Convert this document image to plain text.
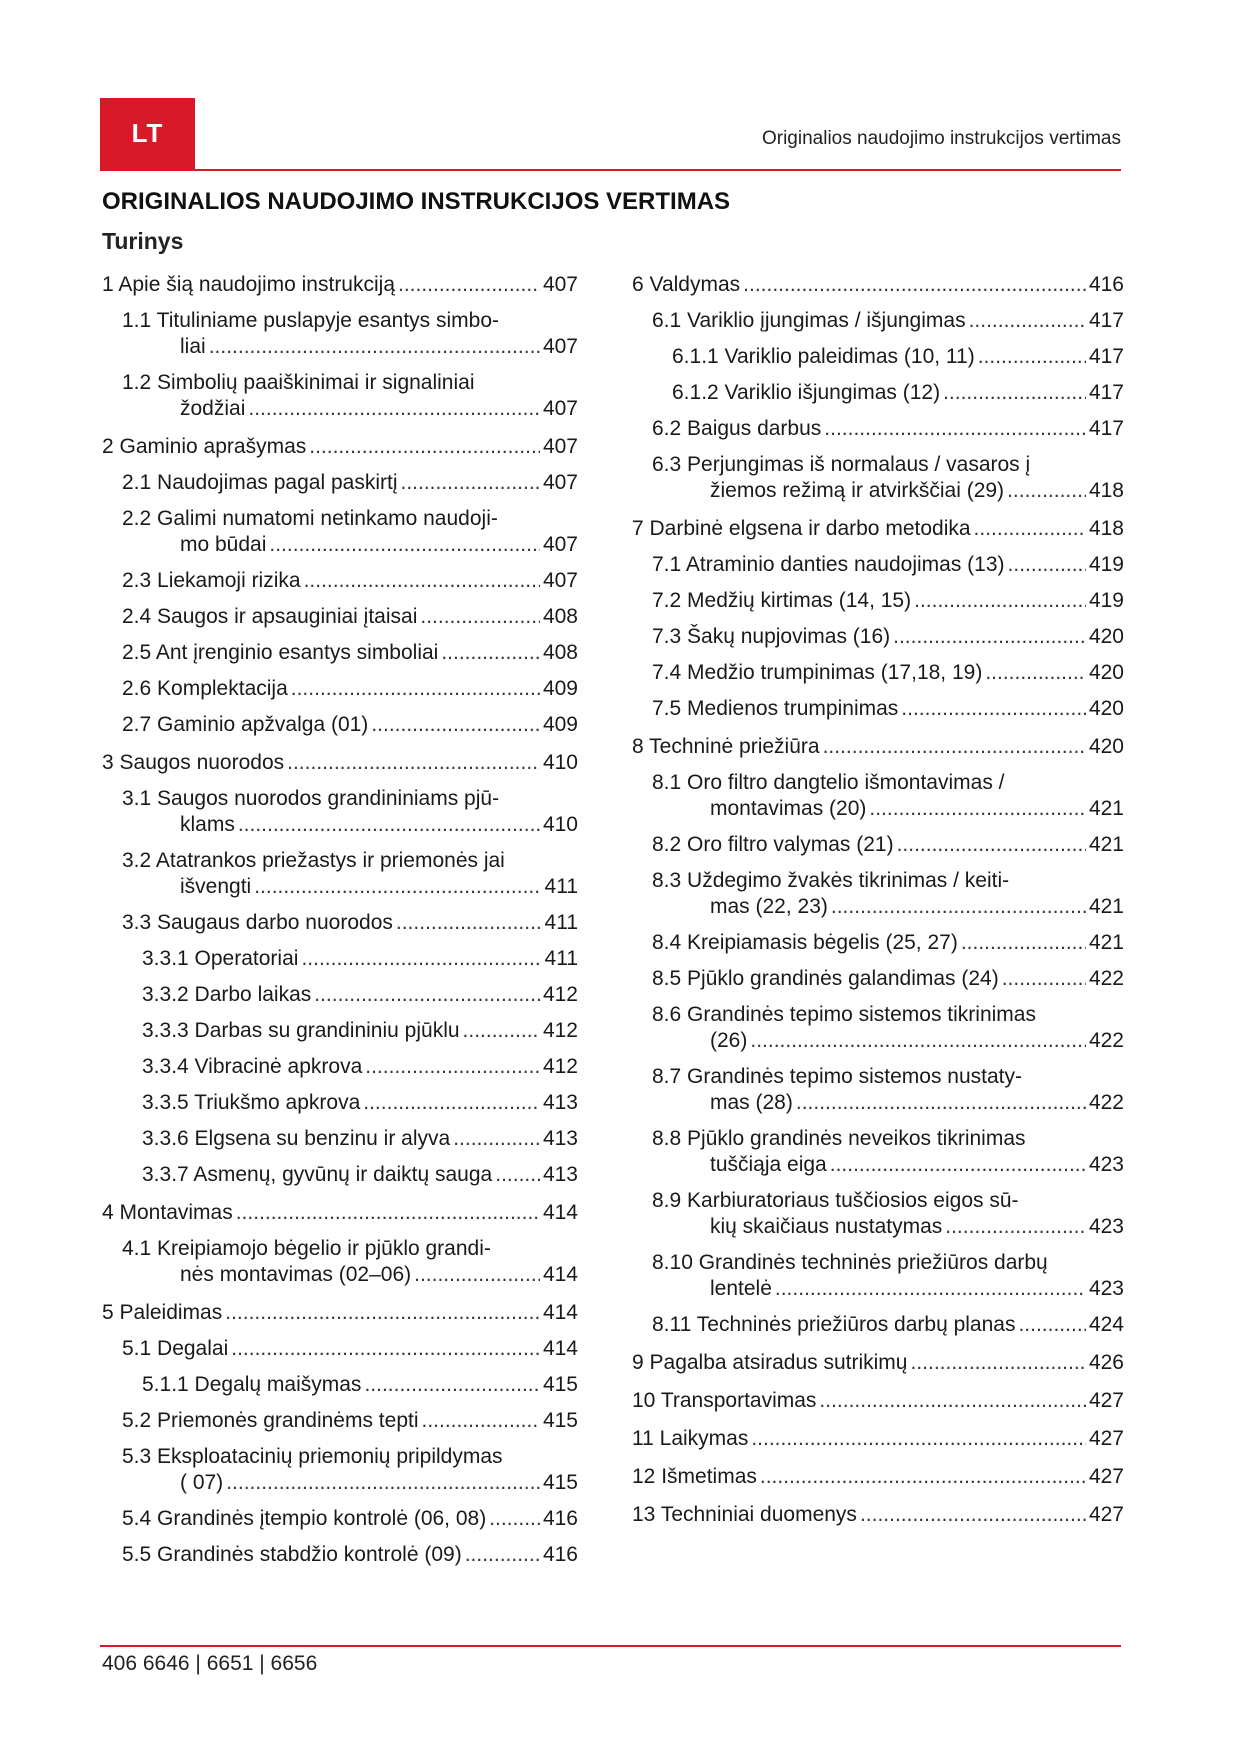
LT	Originalios naudojimo instrukcijos vertimas
ORIGINALIOS NAUDOJIMO INSTRUKCIJOS VERTIMAS
Turinys
1 Apie šią naudojimo instrukciją .....	407
1.1 Tituliniame puslapyje esantys simbo-
liai .....	407
1.2 Simbolių paaiškinimai ir signaliniai
žodžiai .....	407
2 Gaminio aprašymas .....	407
2.1 Naudojimas pagal paskirtį .....	407
2.2 Galimi numatomi netinkamo naudoji-
mo būdai .....	407
2.3 Liekamoji rizika .....	407
2.4 Saugos ir apsauginiai įtaisai .....	408
2.5 Ant įrenginio esantys simboliai .....	408
2.6 Komplektacija .....	409
2.7 Gaminio apžvalga (01) .....	409
3 Saugos nuorodos .....	410
3.1 Saugos nuorodos grandininiams pjū-
klams .....	410
3.2 Atatrankos priežastys ir priemonės jai
išvengti .....	411
3.3 Saugaus darbo nuorodos .....	411
3.3.1 Operatoriai .....	411
3.3.2 Darbo laikas .....	412
3.3.3 Darbas su grandininiu pjūklu .....	412
3.3.4 Vibracinė apkrova .....	412
3.3.5 Triukšmo apkrova .....	413
3.3.6 Elgsena su benzinu ir alyva .....	413
3.3.7 Asmenų, gyvūnų ir daiktų sauga ..... 413
4 Montavimas .....	414
4.1 Kreipiamojo bėgelio ir pjūklo grandi-
nės montavimas (02–06) .....	414
5 Paleidimas .....	414
5.1 Degalai .....	414
5.1.1 Degalų maišymas .....	415
5.2 Priemonės grandinėms tepti .....	415
5.3 Eksploatacinių priemonių pripildymas
( 07) .....	415
5.4 Grandinės įtempio kontrolė (06, 08) .....	416
5.5 Grandinės stabdžio kontrolė (09) .....	416
6 Valdymas .....	416
6.1 Variklio įjungimas / išjungimas .....	417
6.1.1 Variklio paleidimas (10, 11) .....	417
6.1.2 Variklio išjungimas (12) .....	417
6.2 Baigus darbus .....	417
6.3 Perjungimas iš normalaus / vasaros į
žiemos režimą ir atvirkščiai (29) .....	418
7 Darbinė elgsena ir darbo metodika .....	418
7.1 Atraminio danties naudojimas (13) .....	419
7.2 Medžių kirtimas (14, 15) .....	419
7.3 Šakų nupjovimas (16) .....	420
7.4 Medžio trumpinimas (17,18, 19) .....	420
7.5 Medienos trumpinimas .....	420
8 Techninė priežiūra .....	420
8.1 Oro filtro dangtelio išmontavimas /
montavimas (20) .....	421
8.2 Oro filtro valymas (21) .....	421
8.3 Uždegimo žvakės tikrinimas / keiti-
mas (22, 23) .....	421
8.4 Kreipiamasis bėgelis (25, 27) .....	421
8.5 Pjūklo grandinės galandimas (24) .....	422
8.6 Grandinės tepimo sistemos tikrinimas
(26) .....	422
8.7 Grandinės tepimo sistemos nustaty-
mas (28) .....	422
8.8 Pjūklo grandinės neveikos tikrinimas
tuščiąja eiga .....	423
8.9 Karbiuratoriaus tuščiosios eigos sū-
kių skaičiaus nustatymas .....	423
8.10 Grandinės techninės priežiūros darbų
lentelė .....	423
8.11 Techninės priežiūros darbų planas .....	424
9 Pagalba atsiradus sutrikimų .....	426
10 Transportavimas .....	427
11 Laikymas .....	427
12 Išmetimas .....	427
13 Techniniai duomenys .....	427
406 6646 | 6651 | 6656
